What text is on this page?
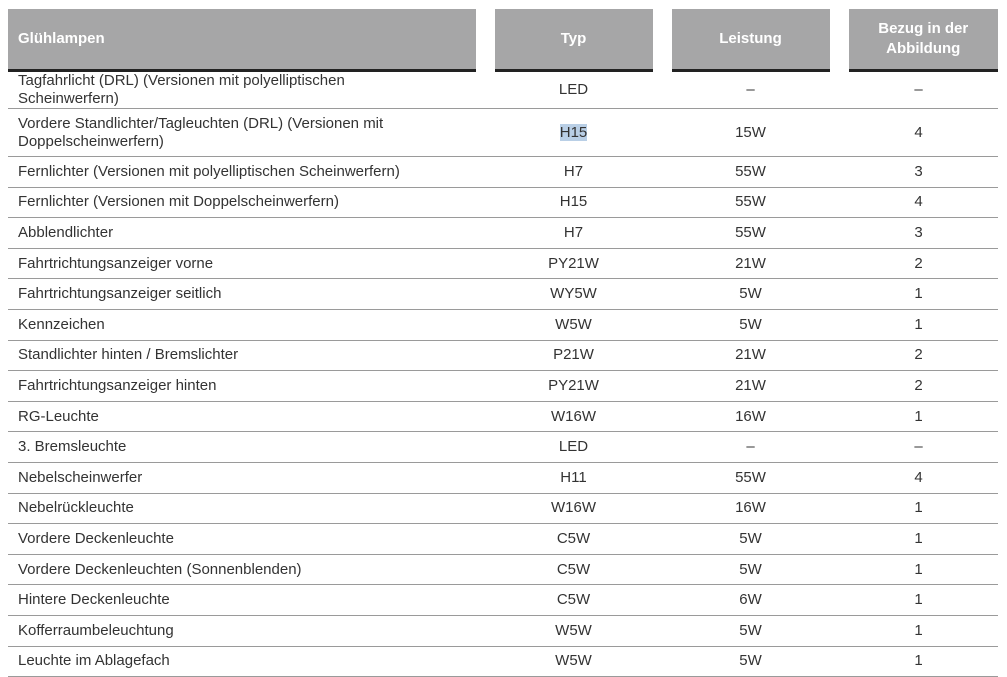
Glühlampen	Typ	Leistung	Bezug in der Abbildung
Tagfahrlicht (DRL) (Versionen mit polyelliptischen Scheinwerfern)	LED	–	–
Vordere Standlichter/Tagleuchten (DRL) (Versionen mit Doppelscheinwerfern)	H15	15W	4
Fernlichter (Versionen mit polyelliptischen Scheinwerfern)	H7	55W	3
Fernlichter (Versionen mit Doppelscheinwerfern)	H15	55W	4
Abblendlichter	H7	55W	3
Fahrtrichtungsanzeiger vorne	PY21W	21W	2
Fahrtrichtungsanzeiger seitlich	WY5W	5W	1
Kennzeichen	W5W	5W	1
Standlichter hinten / Bremslichter	P21W	21W	2
Fahrtrichtungsanzeiger hinten	PY21W	21W	2
RG-Leuchte	W16W	16W	1
3. Bremsleuchte	LED	–	–
Nebelscheinwerfer	H11	55W	4
Nebelrückleuchte	W16W	16W	1
Vordere Deckenleuchte	C5W	5W	1
Vordere Deckenleuchten (Sonnenblenden)	C5W	5W	1
Hintere Deckenleuchte	C5W	6W	1
Kofferraumbeleuchtung	W5W	5W	1
Leuchte im Ablagefach	W5W	5W	1
